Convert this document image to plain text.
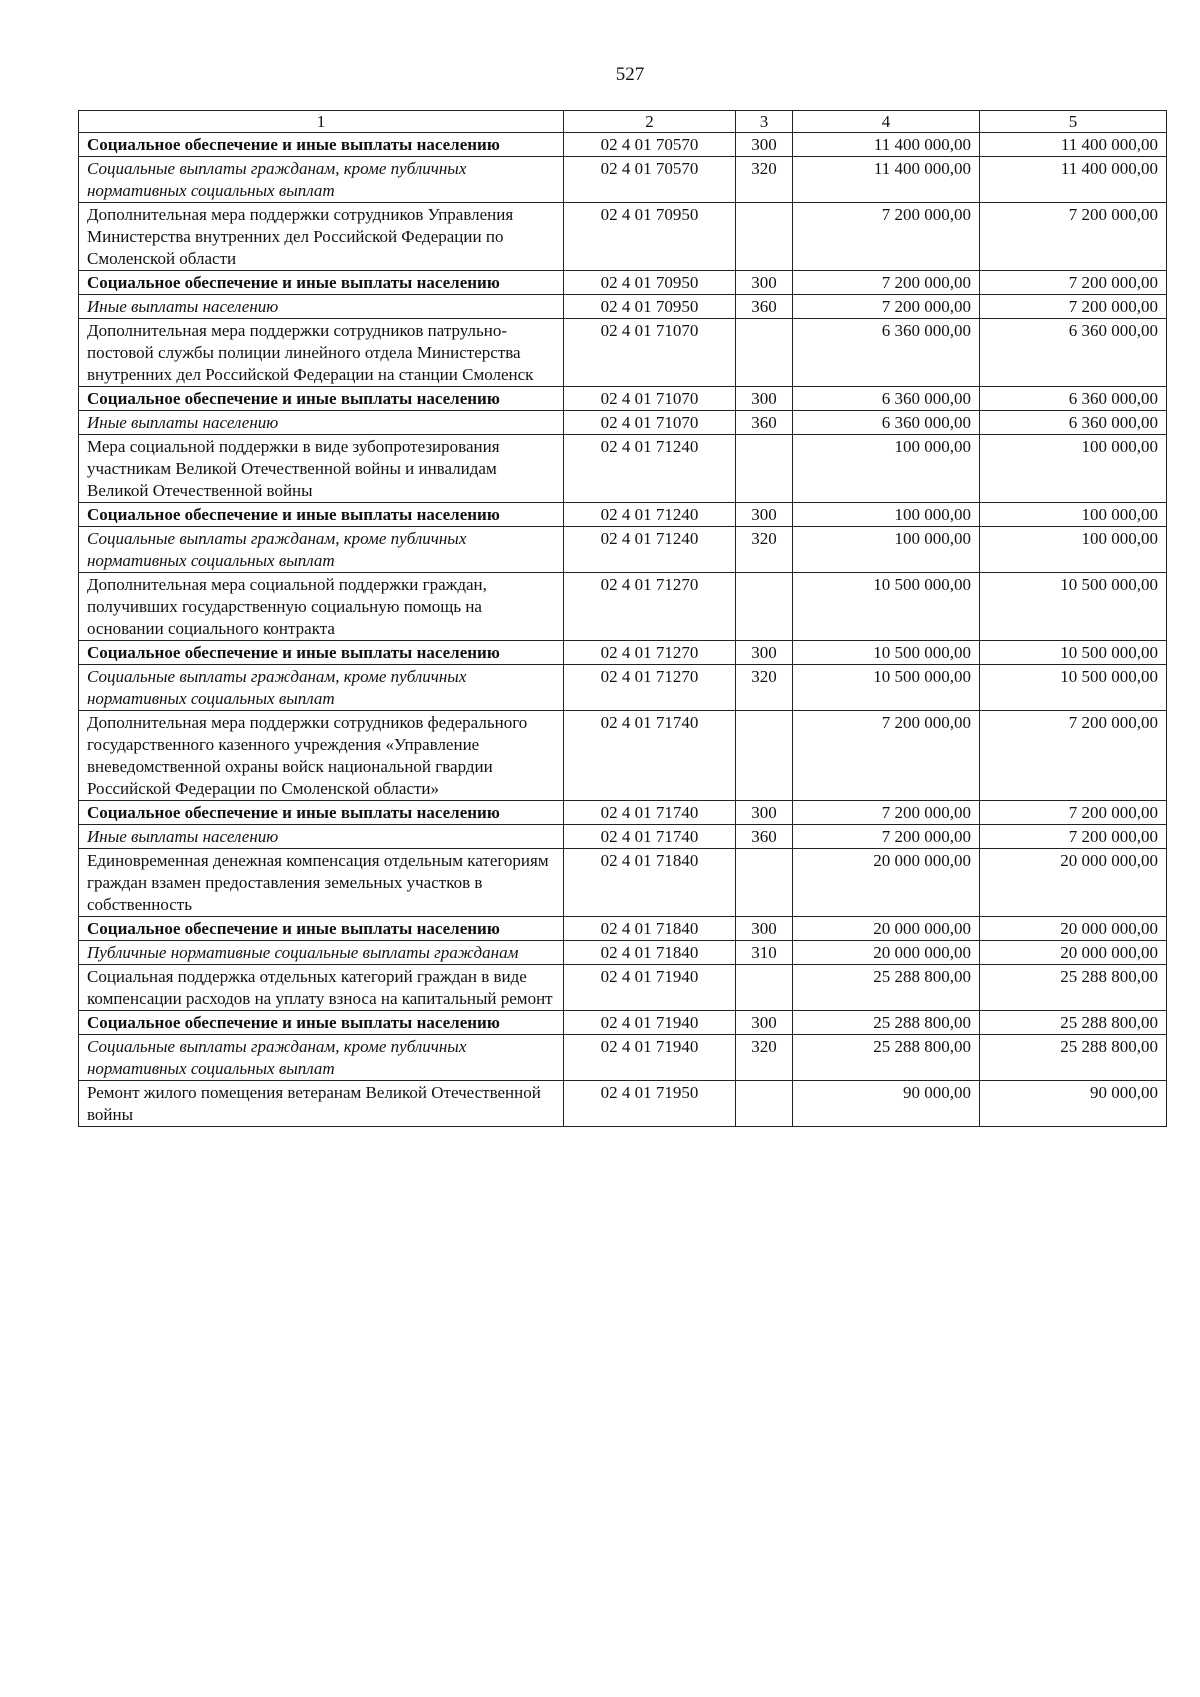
527
1	2	3	4	5
Социальное обеспечение и иные выплаты населению	02 4 01 70570	300	11 400 000,00	11 400 000,00
Социальные выплаты гражданам, кроме публичных нормативных социальных выплат	02 4 01 70570	320	11 400 000,00	11 400 000,00
Дополнительная мера поддержки сотрудников Управления Министерства внутренних дел Российской Федерации по Смоленской области	02 4 01 70950		7 200 000,00	7 200 000,00
Социальное обеспечение и иные выплаты населению	02 4 01 70950	300	7 200 000,00	7 200 000,00
Иные выплаты населению	02 4 01 70950	360	7 200 000,00	7 200 000,00
Дополнительная мера поддержки сотрудников патрульно-постовой службы полиции линейного отдела Министерства внутренних дел Российской Федерации на станции Смоленск	02 4 01 71070		6 360 000,00	6 360 000,00
Социальное обеспечение и иные выплаты населению	02 4 01 71070	300	6 360 000,00	6 360 000,00
Иные выплаты населению	02 4 01 71070	360	6 360 000,00	6 360 000,00
Мера социальной поддержки в виде зубопротезирования участникам Великой Отечественной войны и инвалидам Великой Отечественной войны	02 4 01 71240		100 000,00	100 000,00
Социальное обеспечение и иные выплаты населению	02 4 01 71240	300	100 000,00	100 000,00
Социальные выплаты гражданам, кроме публичных нормативных социальных выплат	02 4 01 71240	320	100 000,00	100 000,00
Дополнительная мера социальной поддержки граждан, получивших государственную социальную помощь на основании социального контракта	02 4 01 71270		10 500 000,00	10 500 000,00
Социальное обеспечение и иные выплаты населению	02 4 01 71270	300	10 500 000,00	10 500 000,00
Социальные выплаты гражданам, кроме публичных нормативных социальных выплат	02 4 01 71270	320	10 500 000,00	10 500 000,00
Дополнительная мера поддержки сотрудников федерального государственного казенного учреждения «Управление вневедомственной охраны войск национальной гвардии Российской Федерации по Смоленской области»	02 4 01 71740		7 200 000,00	7 200 000,00
Социальное обеспечение и иные выплаты населению	02 4 01 71740	300	7 200 000,00	7 200 000,00
Иные выплаты населению	02 4 01 71740	360	7 200 000,00	7 200 000,00
Единовременная денежная компенсация отдельным категориям граждан взамен предоставления земельных участков в собственность	02 4 01 71840		20 000 000,00	20 000 000,00
Социальное обеспечение и иные выплаты населению	02 4 01 71840	300	20 000 000,00	20 000 000,00
Публичные нормативные социальные выплаты гражданам	02 4 01 71840	310	20 000 000,00	20 000 000,00
Социальная поддержка отдельных категорий граждан в виде компенсации расходов на уплату взноса на капитальный ремонт	02 4 01 71940		25 288 800,00	25 288 800,00
Социальное обеспечение и иные выплаты населению	02 4 01 71940	300	25 288 800,00	25 288 800,00
Социальные выплаты гражданам, кроме публичных нормативных социальных выплат	02 4 01 71940	320	25 288 800,00	25 288 800,00
Ремонт жилого помещения ветеранам Великой Отечественной войны	02 4 01 71950		90 000,00	90 000,00
